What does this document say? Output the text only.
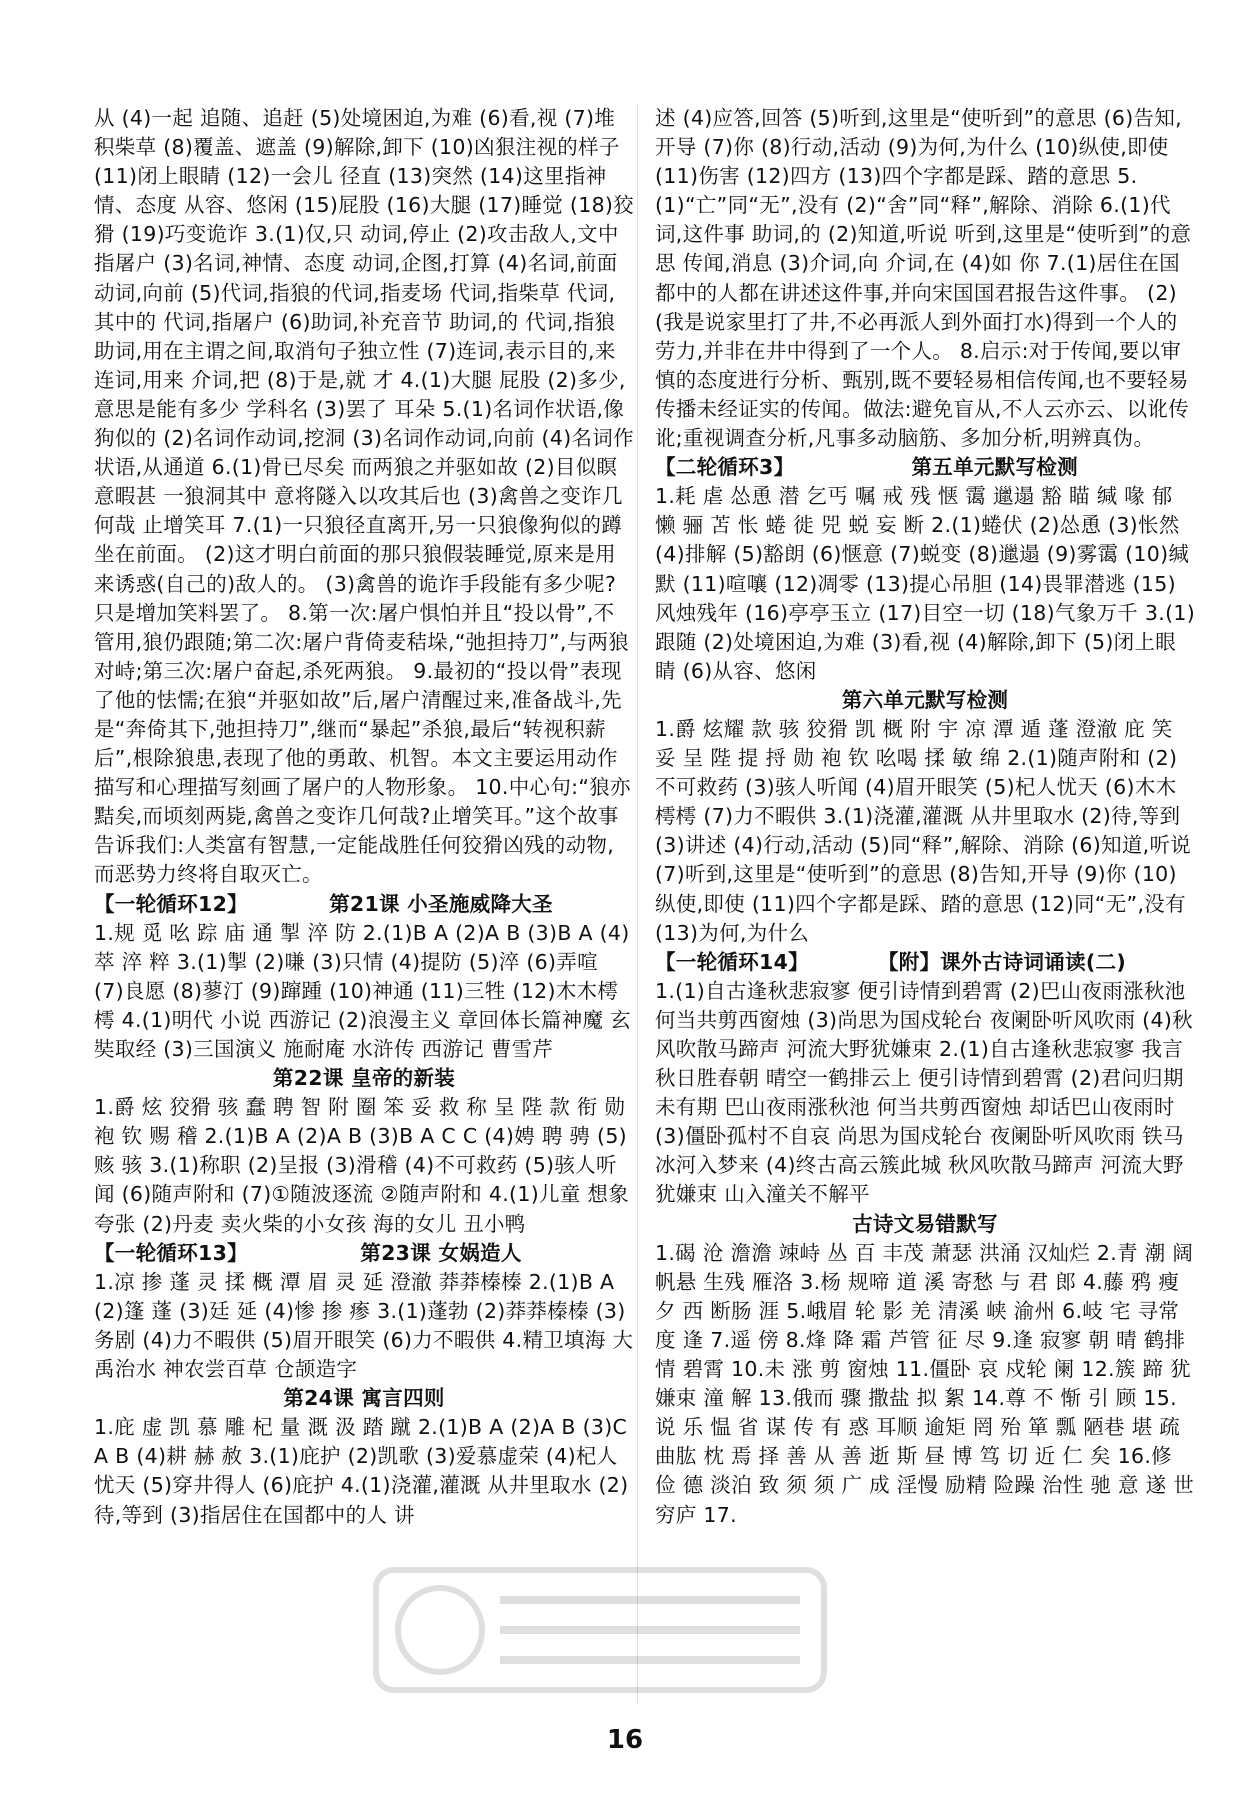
从 (4)一起 追随、追赶 (5)处境困迫,为难 (6)看,视 (7)堆积柴草 (8)覆盖、遮盖 (9)解除,卸下 (10)凶狠注视的样子 (11)闭上眼睛 (12)一会儿 径直 (13)突然 (14)这里指神情、态度 从容、悠闲 (15)屁股 (16)大腿 (17)睡觉 (18)狡猾 (19)巧变诡诈 3.(1)仅,只 动词,停止 (2)攻击敌人,文中指屠户 (3)名词,神情、态度 动词,企图,打算 (4)名词,前面 动词,向前 (5)代词,指狼的代词,指麦场 代词,指柴草 代词,其中的 代词,指屠户 (6)助词,补充音节 助词,的 代词,指狼 助词,用在主谓之间,取消句子独立性 (7)连词,表示目的,来 连词,用来 介词,把 (8)于是,就 才 4.(1)大腿 屁股 (2)多少,意思是能有多少 学科名 (3)罢了 耳朵 5.(1)名词作状语,像狗似的 (2)名词作动词,挖洞 (3)名词作动词,向前 (4)名词作状语,从通道 6.(1)骨已尽矣 而两狼之并驱如故 (2)目似瞑 意暇甚 一狼洞其中 意将隧入以攻其后也 (3)禽兽之变诈几何哉 止增笑耳 7.(1)一只狼径直离开,另一只狼像狗似的蹲坐在前面。 (2)这才明白前面的那只狼假装睡觉,原来是用来诱惑(自己的)敌人的。 (3)禽兽的诡诈手段能有多少呢?只是增加笑料罢了。 8.第一次:屠户惧怕并且“投以骨”,不管用,狼仍跟随;第二次:屠户背倚麦秸垛,“弛担持刀”,与两狼对峙;第三次:屠户奋起,杀死两狼。 9.最初的“投以骨”表现了他的怯懦;在狼“并驱如故”后,屠户清醒过来,准备战斗,先是“奔倚其下,弛担持刀”,继而“暴起”杀狼,最后“转视积薪后”,根除狼患,表现了他的勇敢、机智。本文主要运用动作描写和心理描写刻画了屠户的人物形象。 10.中心句:“狼亦黠矣,而顷刻两毙,禽兽之变诈几何哉?止增笑耳。”这个故事告诉我们:人类富有智慧,一定能战胜任何狡猾凶残的动物,而恶势力终将自取灭亡。
【一轮循环12】	第21课 小圣施威降大圣
1.规 觅 吆 踪 庙 通 掣 淬 防 2.(1)B A (2)A B (3)B A (4)萃 淬 粹 3.(1)掣 (2)嗛 (3)只情 (4)提防 (5)淬 (6)弄喧 (7)良愿 (8)蓼汀 (9)蹿踵 (10)神通 (11)三牲 (12)木木樗樗 4.(1)明代 小说 西游记 (2)浪漫主义 章回体长篇神魔 玄奘取经 (3)三国演义 施耐庵 水浒传 西游记 曹雪芹
第22课 皇帝的新装
1.爵 炫 狡猾 骇 蠢 聘 智 附 圈 笨 妥 救 称 呈 陛 款 衔 勋 袍 钦 赐 稽 2.(1)B A (2)A B (3)B A C C (4)娉 聘 骋 (5)赅 骇 3.(1)称职 (2)呈报 (3)滑稽 (4)不可救药 (5)骇人听闻 (6)随声附和 (7)①随波逐流 ②随声附和 4.(1)儿童 想象 夸张 (2)丹麦 卖火柴的小女孩 海的女儿 丑小鸭
【一轮循环13】	第23课 女娲造人
1.凉 掺 蓬 灵 揉 概 潭 眉 灵 延 澄澈 莽莽榛榛 2.(1)B A (2)篷 蓬 (3)廷 延 (4)惨 掺 瘆 3.(1)蓬勃 (2)莽莽榛榛 (3)务剧 (4)力不暇供 (5)眉开眼笑 (6)力不暇供 4.精卫填海 大禹治水 神农尝百草 仓颉造字
第24课 寓言四则
1.庇 虚 凯 慕 雕 杞 量 溉 汲 踏 蹴 2.(1)B A (2)A B (3)C A B (4)耕 赫 赦 3.(1)庇护 (2)凯歌 (3)爱慕虚荣 (4)杞人忧天 (5)穿井得人 (6)庇护 4.(1)浇灌,灌溉 从井里取水 (2)待,等到 (3)指居住在国都中的人 讲
述 (4)应答,回答 (5)听到,这里是“使听到”的意思 (6)告知,开导 (7)你 (8)行动,活动 (9)为何,为什么 (10)纵使,即使 (11)伤害 (12)四方 (13)四个字都是踩、踏的意思 5.(1)“亡”同“无”,没有 (2)“舍”同“释”,解除、消除 6.(1)代词,这件事 助词,的 (2)知道,听说 听到,这里是“使听到”的意思 传闻,消息 (3)介词,向 介词,在 (4)如 你 7.(1)居住在国都中的人都在讲述这件事,并向宋国国君报告这件事。 (2)(我是说家里打了井,不必再派人到外面打水)得到一个人的劳力,并非在井中得到了一个人。 8.启示:对于传闻,要以审慎的态度进行分析、甄别,既不要轻易相信传闻,也不要轻易传播未经证实的传闻。做法:避免盲从,不人云亦云、以讹传讹;重视调查分析,凡事多动脑筋、多加分析,明辨真伪。
【二轮循环3】	第五单元默写检测
1.耗 虐 怂恿 潜 乞丐 嘱 戒 残 惬 霭 邋遢 豁 瞄 缄 喙 郁 懒 骊 苫 怅 蜷 徙 兕 蜕 妄 断 2.(1)蜷伏 (2)怂恿 (3)怅然 (4)排解 (5)豁朗 (6)惬意 (7)蜕变 (8)邋遢 (9)雾霭 (10)缄默 (11)喧嚷 (12)凋零 (13)提心吊胆 (14)畏罪潜逃 (15)风烛残年 (16)亭亭玉立 (17)目空一切 (18)气象万千 3.(1)跟随 (2)处境困迫,为难 (3)看,视 (4)解除,卸下 (5)闭上眼睛 (6)从容、悠闲
第六单元默写检测
1.爵 炫耀 款 骇 狡猾 凯 概 附 宇 凉 潭 遁 蓬 澄澈 庇 笑 妥 呈 陛 提 捋 勋 袍 钦 吆喝 揉 敏 绵 2.(1)随声附和 (2)不可救药 (3)骇人听闻 (4)眉开眼笑 (5)杞人忧天 (6)木木樗樗 (7)力不暇供 3.(1)浇灌,灌溉 从井里取水 (2)待,等到 (3)讲述 (4)行动,活动 (5)同“释”,解除、消除 (6)知道,听说 (7)听到,这里是“使听到”的意思 (8)告知,开导 (9)你 (10)纵使,即使 (11)四个字都是踩、踏的意思 (12)同“无”,没有 (13)为何,为什么
【一轮循环14】	【附】课外古诗词诵读(二)
1.(1)自古逢秋悲寂寥 便引诗情到碧霄 (2)巴山夜雨涨秋池 何当共剪西窗烛 (3)尚思为国戍轮台 夜阑卧听风吹雨 (4)秋风吹散马蹄声 河流大野犹嫌束 2.(1)自古逢秋悲寂寥 我言秋日胜春朝 晴空一鹤排云上 便引诗情到碧霄 (2)君问归期未有期 巴山夜雨涨秋池 何当共剪西窗烛 却话巴山夜雨时 (3)僵卧孤村不自哀 尚思为国戍轮台 夜阑卧听风吹雨 铁马冰河入梦来 (4)终古高云簇此城 秋风吹散马蹄声 河流大野犹嫌束 山入潼关不解平
古诗文易错默写
1.碣 沧 澹澹 竦峙 丛 百 丰茂 萧瑟 洪涌 汉灿烂 2.青 潮 阔 帆悬 生残 雁洛 3.杨 规啼 道 溪 寄愁 与 君 郎 4.藤 鸦 瘦 夕 西 断肠 涯 5.峨眉 轮 影 羌 清溪 峡 渝州 6.岐 宅 寻常 度 逢 7.遥 傍 8.烽 降 霜 芦管 征 尽 9.逢 寂寥 朝 晴 鹤排 情 碧霄 10.未 涨 剪 窗烛 11.僵卧 哀 戍轮 阑 12.簇 蹄 犹嫌束 潼 解 13.俄而 骤 撒盐 拟 絮 14.尊 不 惭 引 顾 15.说 乐 愠 省 谋 传 有 惑 耳顺 逾矩 罔 殆 箪 瓢 陋巷 堪 疏 曲肱 枕 焉 择 善 从 善 逝 斯 昼 博 笃 切 近 仁 矣 16.修 俭 德 淡泊 致 须 须 广 成 淫慢 励精 险躁 治性 驰 意 遂 世 穷庐 17.
16
